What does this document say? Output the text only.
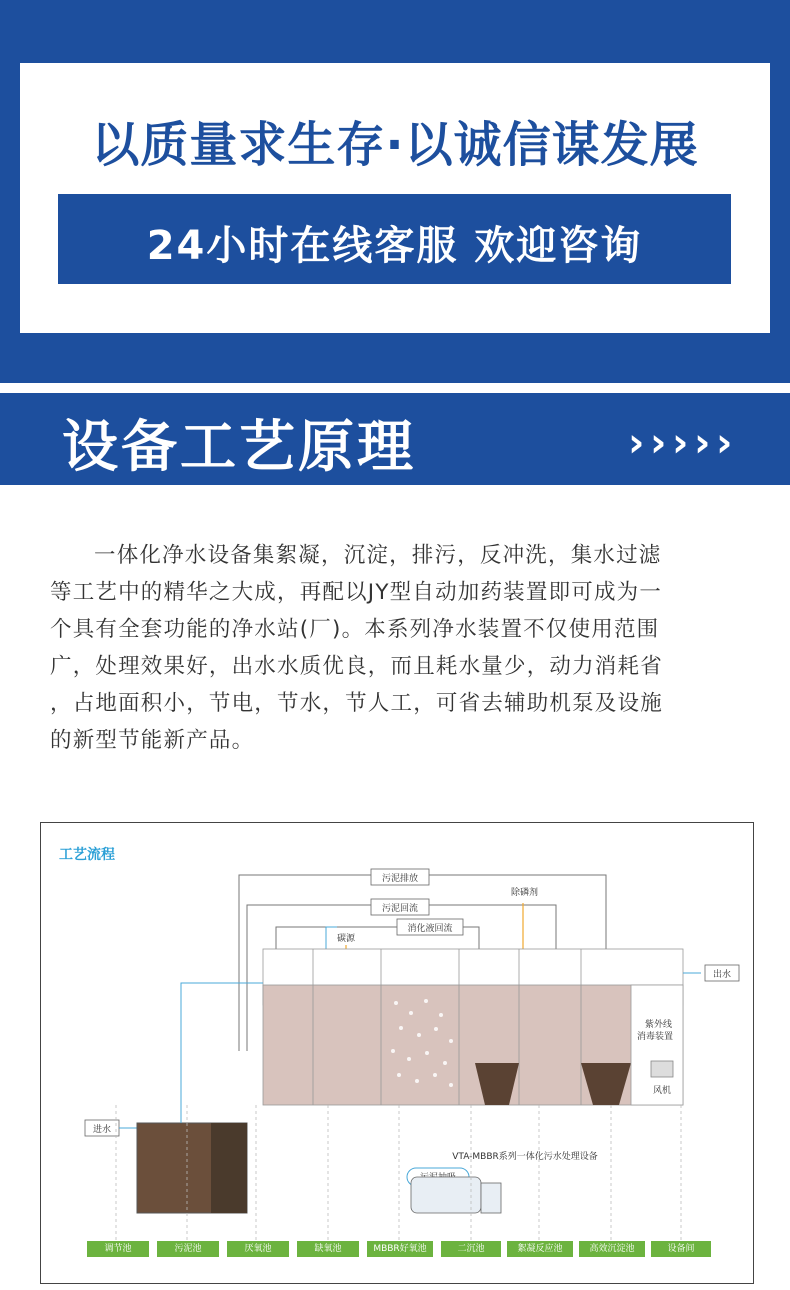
以质量求生存·以诚信谋发展
24小时在线客服 欢迎咨询
设备工艺原理	› › › › ›
一体化净水设备集絮凝，沉淀，排污，反冲洗，集水过滤
等工艺中的精华之大成，再配以JY型自动加药装置即可成为一
个具有全套功能的净水站(厂)。本系列净水装置不仅使用范围
广，处理效果好，出水水质优良，而且耗水量少，动力消耗省
，占地面积小，节电，节水，节人工，可省去辅助机泵及设施
的新型节能新产品。
工艺流程
污泥排放
污泥回流
消化液回流
碳源
除磷剂
紫外线
消毒装置
风机
出水
进水
VTA-MBBR系列一体化污水处理设备
调节池	污泥池	厌氧池	缺氧池	MBBR好氧池	二沉池	絮凝反应池	高效沉淀池	设备间
